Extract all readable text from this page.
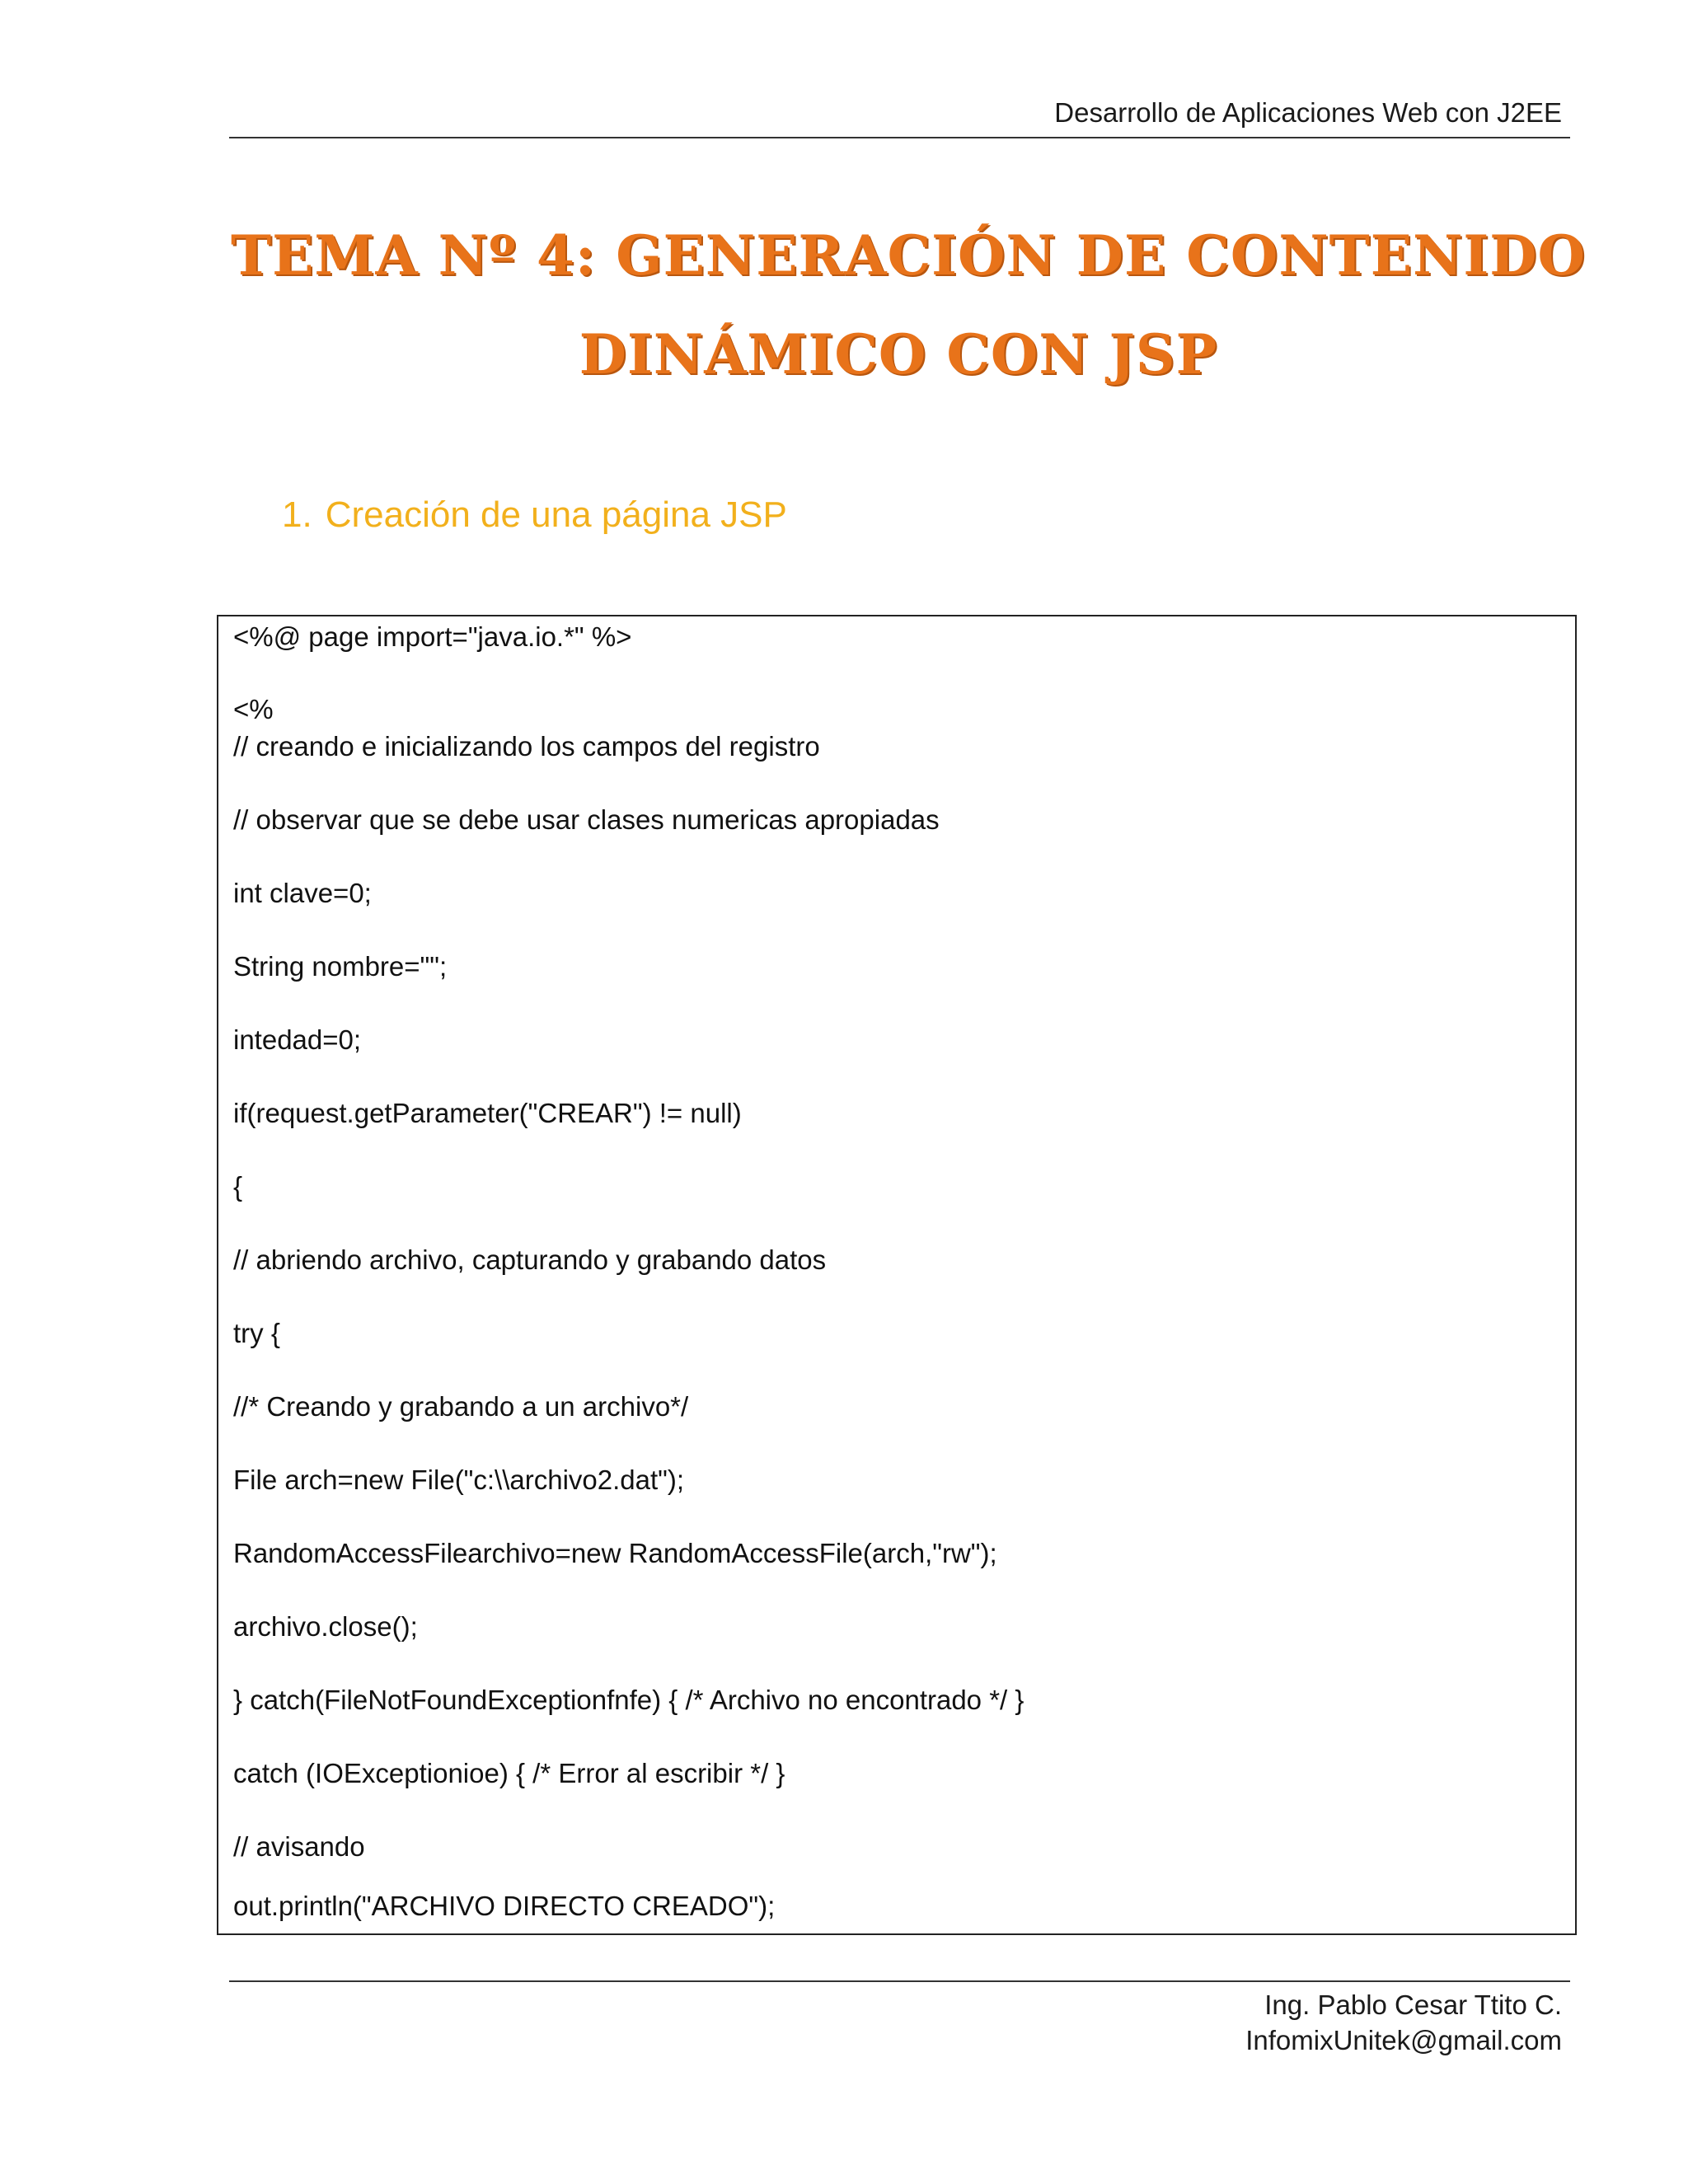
Desarrollo de Aplicaciones Web con J2EE
TEMA Nº 4: GENERACIÓN DE CONTENIDO
DINÁMICO CON JSP
1. Creación de una página JSP
<%@ page import="java.io.*" %>
<%
// creando e inicializando los campos del registro
// observar que se debe usar clases numericas apropiadas
int clave=0;
String nombre="";
intedad=0;
if(request.getParameter("CREAR") != null)
{
// abriendo archivo, capturando y grabando datos
try {
//* Creando y grabando a un archivo*/
File arch=new File("c:\\archivo2.dat");
RandomAccessFilearchivo=new RandomAccessFile(arch,"rw");
archivo.close();
} catch(FileNotFoundExceptionfnfe) { /* Archivo no encontrado */ }
catch (IOExceptionioe) { /* Error al escribir */ }
// avisando
out.println("ARCHIVO DIRECTO CREADO");
Ing. Pablo Cesar Ttito C.
InfomixUnitek@gmail.com
